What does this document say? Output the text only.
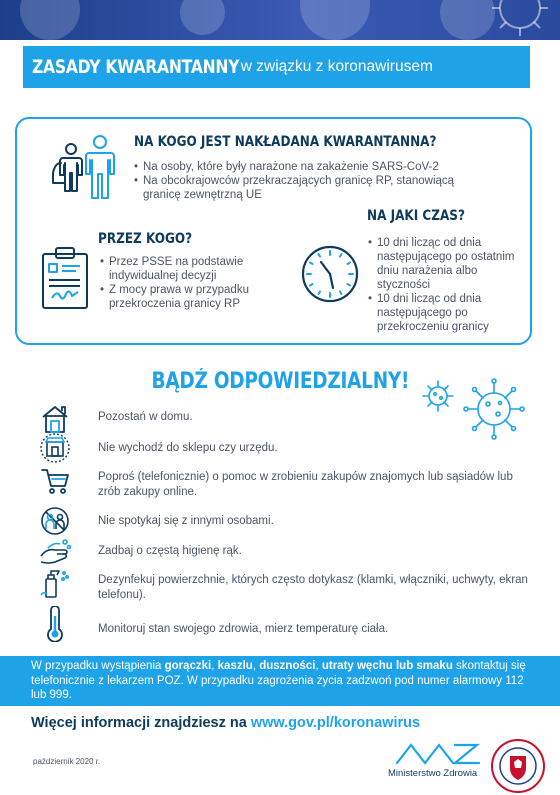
ZASADY KWARANTANNY w związku z koronawirusem
NA KOGO JEST NAKŁADANA KWARANTANNA?
• Na osoby, które były narażone na zakażenie SARS-CoV-2
• Na obcokrajowców przekraczających granicę RP, stanowiącą granicę zewnętrzną UE
PRZEZ KOGO?
• Przez PSSE na podstawie indywidualnej decyzji
• Z mocy prawa w przypadku przekroczenia granicy RP
NA JAKI CZAS?
• 10 dni licząc od dnia następującego po ostatnim dniu narażenia albo styczności
• 10 dni licząc od dnia następującego po przekroczeniu granicy
BĄDŹ ODPOWIEDZIALNY!
Pozostań w domu.
Nie wychodź do sklepu czy urzędu.
Poproś (telefonicznie) o pomoc w zrobieniu zakupów znajomych lub sąsiadów lub zrób zakupy online.
Nie spotykaj się z innymi osobami.
Zadbaj o częstą higienę rąk.
Dezynfekuj powierzchnie, których często dotykasz (klamki, włączniki, uchwyty, ekran telefonu).
Monitoruj stan swojego zdrowia, mierz temperaturę ciała.
W przypadku wystąpienia gorączki, kaszlu, duszności, utraty węchu lub smaku skontaktuj się telefonicznie z lekarzem POZ. W przypadku zagrożenia życia zadzwoń pod numer alarmowy 112 lub 999.
Więcej informacji znajdziesz na www.gov.pl/koronawirus
październik 2020 r.
Ministerstwo Zdrowia
